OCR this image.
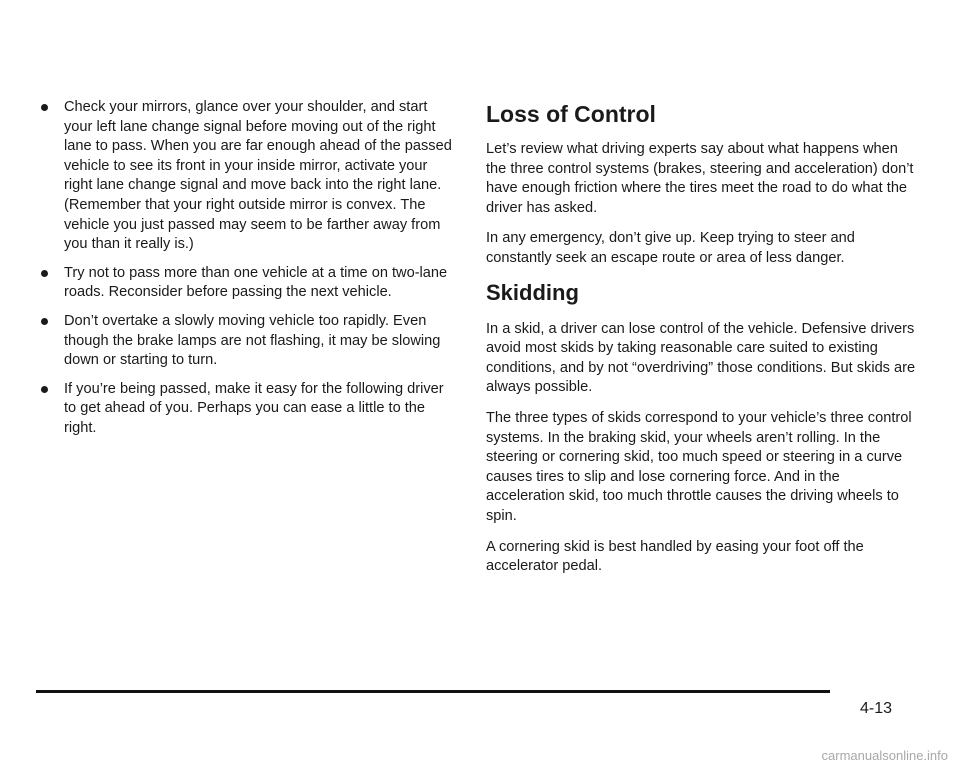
Check your mirrors, glance over your shoulder, and start your left lane change signal before moving out of the right lane to pass. When you are far enough ahead of the passed vehicle to see its front in your inside mirror, activate your right lane change signal and move back into the right lane. (Remember that your right outside mirror is convex. The vehicle you just passed may seem to be farther away from you than it really is.)
Try not to pass more than one vehicle at a time on two-lane roads. Reconsider before passing the next vehicle.
Don’t overtake a slowly moving vehicle too rapidly. Even though the brake lamps are not flashing, it may be slowing down or starting to turn.
If you’re being passed, make it easy for the following driver to get ahead of you. Perhaps you can ease a little to the right.
Loss of Control

Let’s review what driving experts say about what happens when the three control systems (brakes, steering and acceleration) don’t have enough friction where the tires meet the road to do what the driver has asked.

In any emergency, don’t give up. Keep trying to steer and constantly seek an escape route or area of less danger.

Skidding

In a skid, a driver can lose control of the vehicle. Defensive drivers avoid most skids by taking reasonable care suited to existing conditions, and by not “overdriving” those conditions. But skids are always possible.

The three types of skids correspond to your vehicle’s three control systems. In the braking skid, your wheels aren’t rolling. In the steering or cornering skid, too much speed or steering in a curve causes tires to slip and lose cornering force. And in the acceleration skid, too much throttle causes the driving wheels to spin.

A cornering skid is best handled by easing your foot off the accelerator pedal.

4-13
carmanualsonline.info
